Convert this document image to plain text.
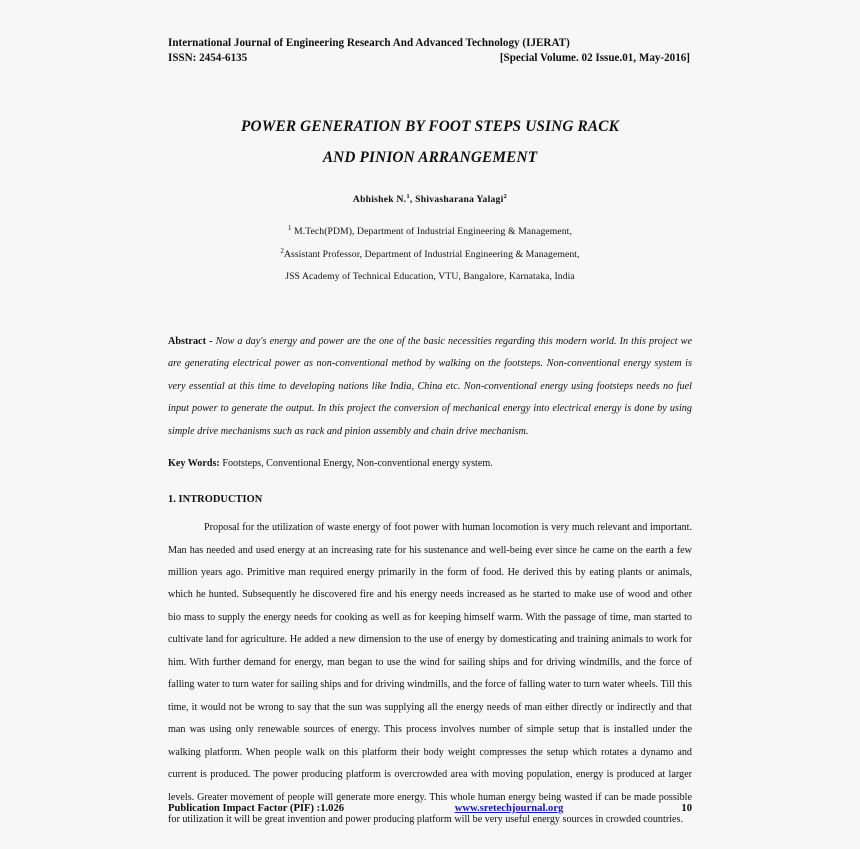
International Journal of Engineering Research And Advanced Technology (IJERAT)
ISSN: 2454-6135	[Special Volume. 02 Issue.01, May-2016]
POWER GENERATION BY FOOT STEPS USING RACK
AND PINION ARRANGEMENT
Abhishek N.$^1$, Shivasharana Yalagi$^2$
$^1$ M.Tech(PDM), Department of Industrial Engineering & Management,
$^2$Assistant Professor, Department of Industrial Engineering & Management,
JSS Academy of Technical Education, VTU, Bangalore, Karnataka, India

Abstract - Now a day's energy and power are the one of the basic necessities regarding this modern world. In this project we are generating electrical power as non-conventional method by walking on the footsteps. Non-conventional energy system is very essential at this time to developing nations like India, China etc. Non-conventional energy using footsteps needs no fuel input power to generate the output. In this project the conversion of mechanical energy into electrical energy is done by using simple drive mechanisms such as rack and pinion assembly and chain drive mechanism.

Key Words: Footsteps, Conventional Energy, Non-conventional energy system.

1. INTRODUCTION

Proposal for the utilization of waste energy of foot power with human locomotion is very much relevant and important. Man has needed and used energy at an increasing rate for his sustenance and well-being ever since he came on the earth a few million years ago. Primitive man required energy primarily in the form of food. He derived this by eating plants or animals, which he hunted. Subsequently he discovered fire and his energy needs increased as he started to make use of wood and other bio mass to supply the energy needs for cooking as well as for keeping himself warm. With the passage of time, man started to cultivate land for agriculture. He added a new dimension to the use of energy by domesticating and training animals to work for him. With further demand for energy, man began to use the wind for sailing ships and for driving windmills, and the force of falling water to turn water for sailing ships and for driving windmills, and the force of falling water to turn water wheels. Till this time, it would not be wrong to say that the sun was supplying all the energy needs of man either directly or indirectly and that man was using only renewable sources of energy. This process involves number of simple setup that is installed under the walking platform. When people walk on this platform their body weight compresses the setup which rotates a dynamo and current is produced. The power producing platform is overcrowded area with moving population, energy is produced at larger levels. Greater movement of people will generate more energy. This whole human energy being wasted if can be made possible for utilization it will be great invention and power producing platform will be very useful energy sources in crowded countries.

Publication Impact Factor (PIF) :1.026	www.sretechjournal.org	10
